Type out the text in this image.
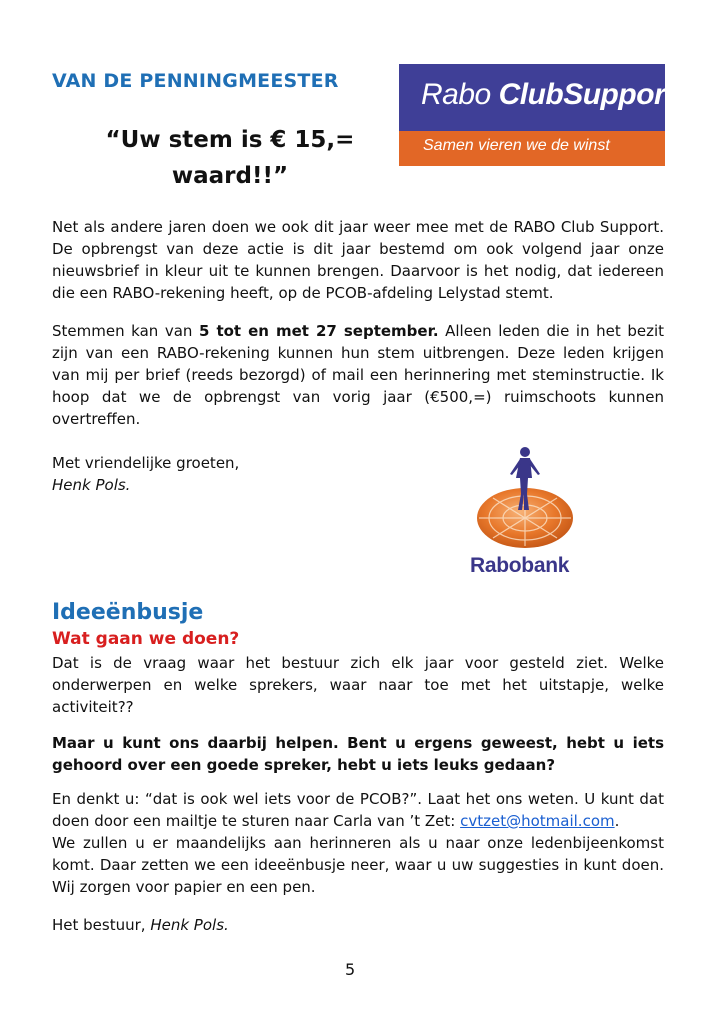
VAN DE PENNINGMEESTER
“Uw stem is € 15,=
waard!!”
Rabo ClubSupport
Samen vieren we de winst

Net als andere jaren doen we ook dit jaar weer mee met de RABO Club Support. De opbrengst van deze actie is dit jaar bestemd om ook volgend jaar onze nieuwsbrief in kleur uit te kunnen brengen. Daarvoor is het nodig, dat iedereen die een RABO-rekening heeft, op de PCOB-afdeling Lelystad stemt.

Stemmen kan van 5 tot en met 27 september. Alleen leden die in het bezit zijn van een RABO-rekening kunnen hun stem uitbrengen. Deze leden krijgen van mij per brief (reeds bezorgd) of mail een herinnering met steminstructie. Ik hoop dat we de opbrengst van vorig jaar (€500,=) ruimschoots kunnen overtreffen.

Met vriendelijke groeten,
Henk Pols.

Rabobank
Ideeënbusje
Wat gaan we doen?

Dat is de vraag waar het bestuur zich elk jaar voor gesteld ziet. Welke onderwerpen en welke sprekers, waar naar toe met het uitstapje, welke activiteit??

Maar u kunt ons daarbij helpen. Bent u ergens geweest, hebt u iets gehoord over een goede spreker, hebt u iets leuks gedaan?

En denkt u: “dat is ook wel iets voor de PCOB?”. Laat het ons weten. U kunt dat doen door een mailtje te sturen naar Carla van ’t Zet: cvtzet@hotmail.com.

We zullen u er maandelijks aan herinneren als u naar onze ledenbijeenkomst komt. Daar zetten we een ideeënbusje neer, waar u uw suggesties in kunt doen. Wij zorgen voor papier en een pen.

Het bestuur, Henk Pols.

5
